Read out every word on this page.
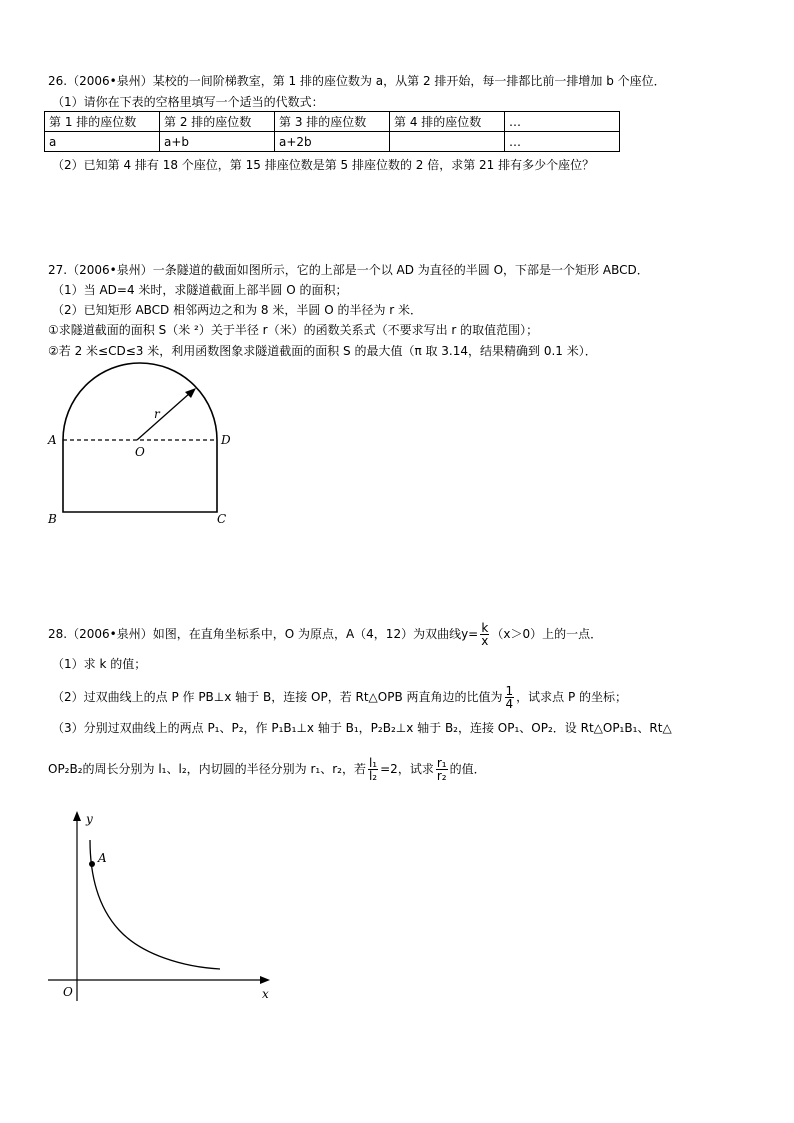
26.（2006•泉州）某校的一间阶梯教室，第 1 排的座位数为 a，从第 2 排开始，每一排都比前一排增加 b 个座位．
（1）请你在下表的空格里填写一个适当的代数式：
第 1 排的座位数	第 2 排的座位数	第 3 排的座位数	第 4 排的座位数	…
a	a+b	a+2b		…
（2）已知第 4 排有 18 个座位，第 15 排座位数是第 5 排座位数的 2 倍，求第 21 排有多少个座位？
27.（2006•泉州）一条隧道的截面如图所示，它的上部是一个以 AD 为直径的半圆 O，下部是一个矩形 ABCD．
（1）当 AD=4 米时，求隧道截面上部半圆 O 的面积；
（2）已知矩形 ABCD 相邻两边之和为 8 米，半圆 O 的半径为 r 米．
①求隧道截面的面积 S（米 ²）关于半径 r（米）的函数关系式（不要求写出 r 的取值范围）；
②若 2 米≤CD≤3 米，利用函数图象求隧道截面的面积 S 的最大值（π 取 3.14，结果精确到 0.1 米）．
A	D
O
B	C
r
28.（2006•泉州）如图，在直角坐标系中，O 为原点，A（4，12）为双曲线$y= \frac{k}{x} (x>0)$上的一点．
（1）求 k 的值；
（2）过双曲线上的点 P 作 PB⊥x 轴于 B，连接 OP，若 Rt△OPB 两直角边的比值为 $\frac{1}{4}$ ，试求点 P 的坐标；
（3）分别过双曲线上的两点 P₁、P₂，作 P₁B₁⊥x 轴于 B₁，P₂B₂⊥x 轴于 B₂，连接 OP₁、OP₂．设 Rt△OP₁B₁、Rt△
OP₂B₂的周长分别为 l₁、l₂，内切圆的半径分别为 r₁、r₂，若 $\frac{\text{l₁}}{\text{l₂}} =2$，试求 $\frac{\text{r₁}}{\text{r₂}}$ 的值．
A
y
x
O
